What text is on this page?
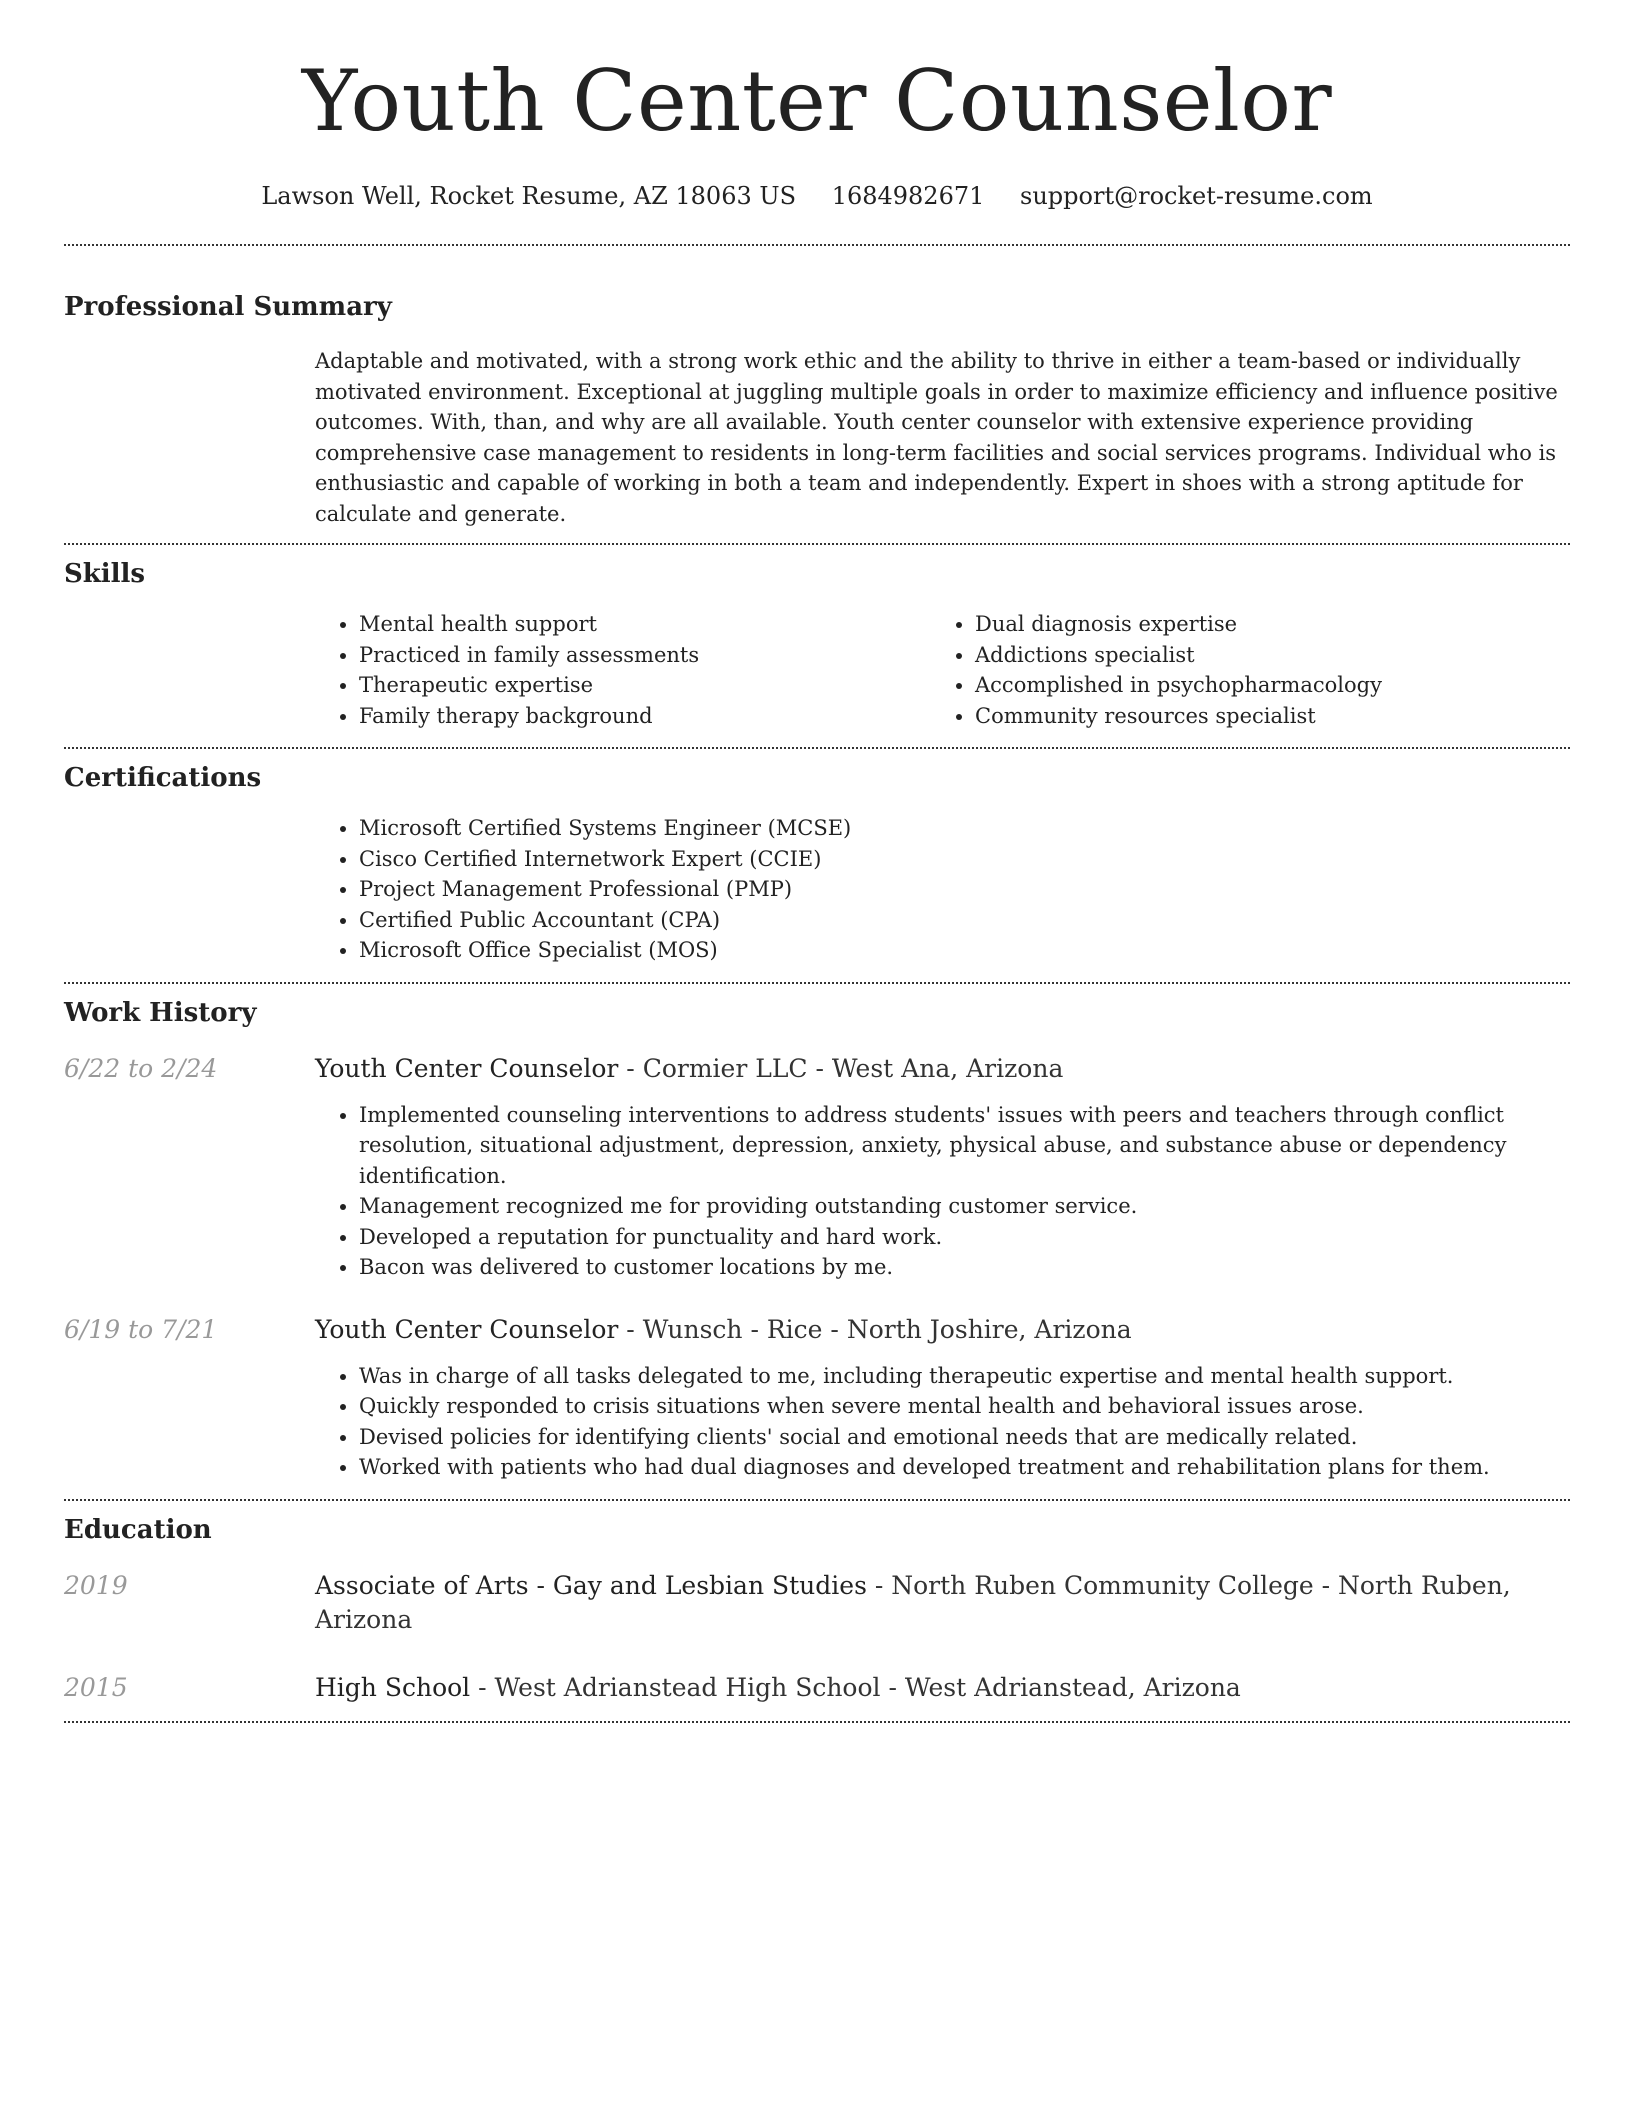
Youth Center Counselor
Lawson Well, Rocket Resume, AZ 18063 US 1684982671 support@rocket-resume.com
Professional Summary

Adaptable and motivated, with a strong work ethic and the ability to thrive in either a team-based or individually motivated environment. Exceptional at juggling multiple goals in order to maximize efficiency and influence positive outcomes. With, than, and why are all available. Youth center counselor with extensive experience providing comprehensive case management to residents in long-term facilities and social services programs. Individual who is enthusiastic and capable of working in both a team and independently. Expert in shoes with a strong aptitude for calculate and generate.

Skills
• Mental health support
• Practiced in family assessments
• Therapeutic expertise
• Family therapy background
• Dual diagnosis expertise
• Addictions specialist
• Accomplished in psychopharmacology
• Community resources specialist
Certifications
• Microsoft Certified Systems Engineer (MCSE)
• Cisco Certified Internetwork Expert (CCIE)
• Project Management Professional (PMP)
• Certified Public Accountant (CPA)
• Microsoft Office Specialist (MOS)
Work History
6/22 to 2/24	Youth Center Counselor - Cormier LLC - West Ana, Arizona
• Implemented counseling interventions to address students' issues with peers and teachers through conflict resolution, situational adjustment, depression, anxiety, physical abuse, and substance abuse or dependency identification.
• Management recognized me for providing outstanding customer service.
• Developed a reputation for punctuality and hard work.
• Bacon was delivered to customer locations by me.
6/19 to 7/21	Youth Center Counselor - Wunsch - Rice - North Joshire, Arizona
• Was in charge of all tasks delegated to me, including therapeutic expertise and mental health support.
• Quickly responded to crisis situations when severe mental health and behavioral issues arose.
• Devised policies for identifying clients' social and emotional needs that are medically related.
• Worked with patients who had dual diagnoses and developed treatment and rehabilitation plans for them.
Education
2019	Associate of Arts - Gay and Lesbian Studies - North Ruben Community College - North Ruben, Arizona
2015	High School - West Adrianstead High School - West Adrianstead, Arizona
